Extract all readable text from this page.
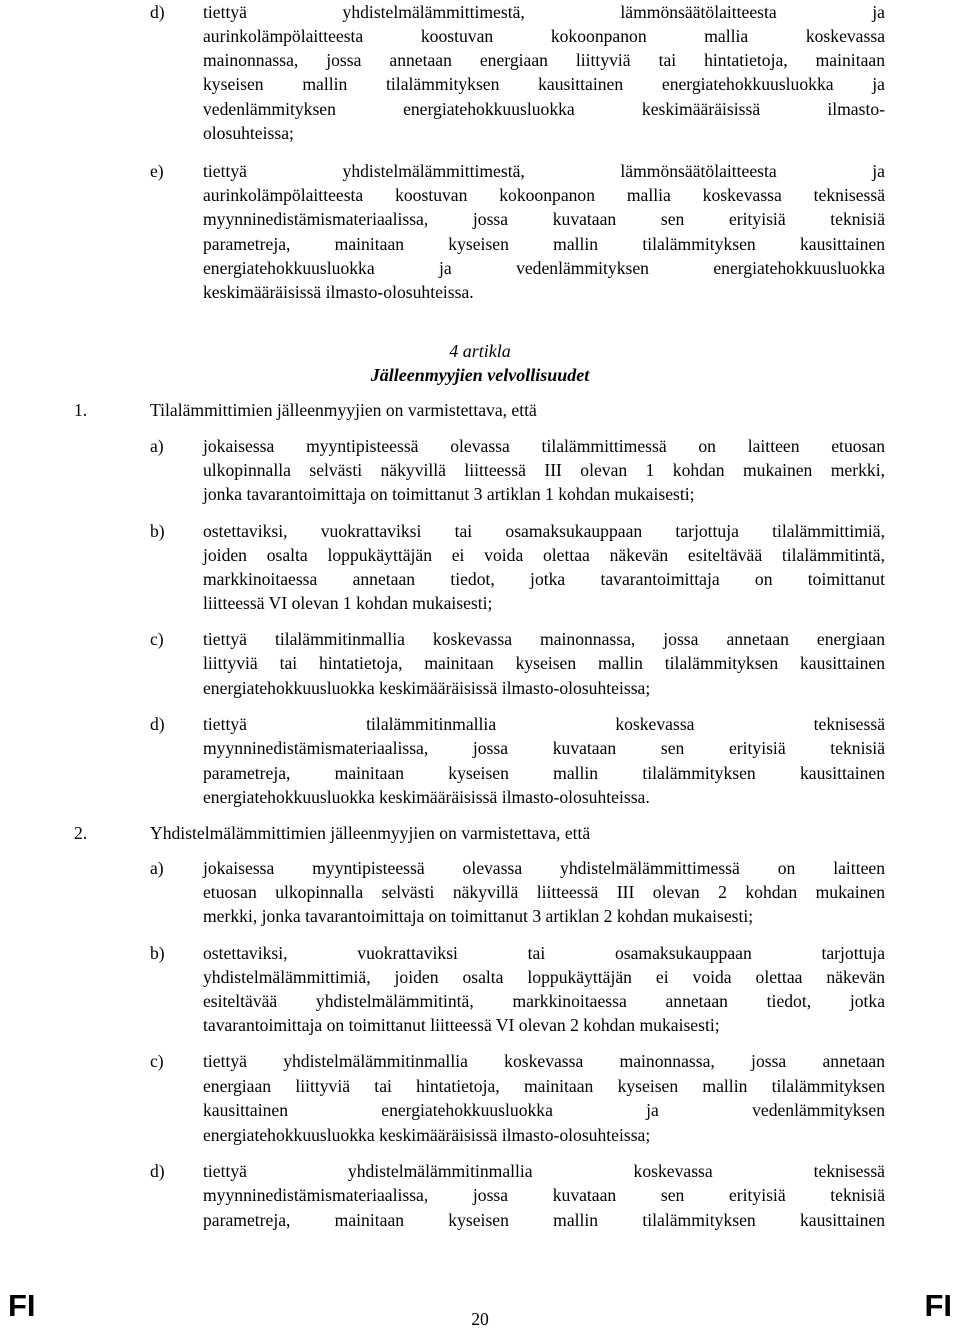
d) tiettyä yhdistelmälämmittimestä, lämmönsäätölaitteesta ja
aurinkolämpölaitteesta koostuvan kokoonpanon mallia koskevassa
mainonnassa, jossa annetaan energiaan liittyviä tai hintatietoja, mainitaan
kyseisen mallin tilalämmityksen kausittainen energiatehokkuusluokka ja
vedenlämmityksen energiatehokkuusluokka keskimääräisissä ilmasto-
olosuhteissa;
e) tiettyä yhdistelmälämmittimestä, lämmönsäätölaitteesta ja
aurinkolämpölaitteesta koostuvan kokoonpanon mallia koskevassa teknisessä
myynninedistämismateriaalissa, jossa kuvataan sen erityisiä teknisiä
parametreja, mainitaan kyseisen mallin tilalämmityksen kausittainen
energiatehokkuusluokka ja vedenlämmityksen energiatehokkuusluokka
keskimääräisissä ilmasto-olosuhteissa.
4 artikla
Jälleenmyyjien velvollisuudet
1.	Tilalämmittimien jälleenmyyjien on varmistettava, että
a) jokaisessa myyntipisteessä olevassa tilalämmittimessä on laitteen etuosan
ulkopinnalla selvästi näkyvillä liitteessä III olevan 1 kohdan mukainen merkki,
jonka tavarantoimittaja on toimittanut 3 artiklan 1 kohdan mukaisesti;
b) ostettaviksi, vuokrattaviksi tai osamaksukauppaan tarjottuja tilalämmittimiä,
joiden osalta loppukäyttäjän ei voida olettaa näkevän esiteltävää tilalämmitintä,
markkinoitaessa annetaan tiedot, jotka tavarantoimittaja on toimittanut
liitteessä VI olevan 1 kohdan mukaisesti;
c) tiettyä tilalämmitinmallia koskevassa mainonnassa, jossa annetaan energiaan
liittyviä tai hintatietoja, mainitaan kyseisen mallin tilalämmityksen kausittainen
energiatehokkuusluokka keskimääräisissä ilmasto-olosuhteissa;
d) tiettyä tilalämmitinmallia koskevassa teknisessä
myynninedistämismateriaalissa, jossa kuvataan sen erityisiä teknisiä
parametreja, mainitaan kyseisen mallin tilalämmityksen kausittainen
energiatehokkuusluokka keskimääräisissä ilmasto-olosuhteissa.
2.	Yhdistelmälämmittimien jälleenmyyjien on varmistettava, että
a) jokaisessa myyntipisteessä olevassa yhdistelmälämmittimessä on laitteen
etuosan ulkopinnalla selvästi näkyvillä liitteessä III olevan 2 kohdan mukainen
merkki, jonka tavarantoimittaja on toimittanut 3 artiklan 2 kohdan mukaisesti;
b) ostettaviksi, vuokrattaviksi tai osamaksukauppaan tarjottuja
yhdistelmälämmittimiä, joiden osalta loppukäyttäjän ei voida olettaa näkevän
esiteltävää yhdistelmälämmitintä, markkinoitaessa annetaan tiedot, jotka
tavarantoimittaja on toimittanut liitteessä VI olevan 2 kohdan mukaisesti;
c) tiettyä yhdistelmälämmitinmallia koskevassa mainonnassa, jossa annetaan
energiaan liittyviä tai hintatietoja, mainitaan kyseisen mallin tilalämmityksen
kausittainen energiatehokkuusluokka ja vedenlämmityksen
energiatehokkuusluokka keskimääräisissä ilmasto-olosuhteissa;
d) tiettyä yhdistelmälämmitinmallia koskevassa teknisessä
myynninedistämismateriaalissa, jossa kuvataan sen erityisiä teknisiä
parametreja, mainitaan kyseisen mallin tilalämmityksen kausittainen
FI	20	FI
